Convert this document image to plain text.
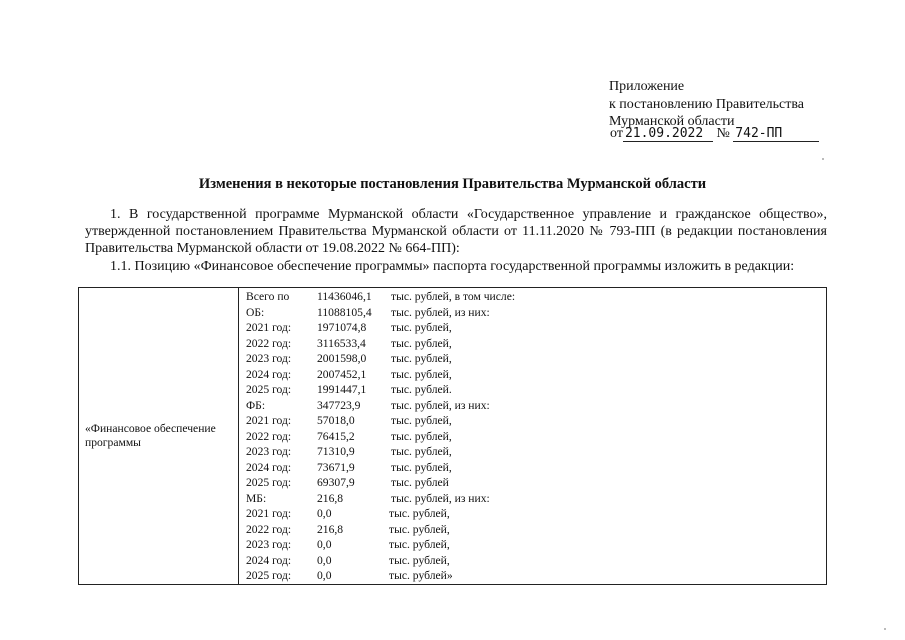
Приложение
к постановлению Правительства
Мурманской области
от 21.09.2022 № 742-ПП
Изменения в некоторые постановления Правительства Мурманской области
1. В государственной программе Мурманской области «Государственное управление и гражданское общество», утвержденной постановлением Правительства Мурманской области от 11.11.2020 № 793-ПП (в редакции постановления Правительства Мурманской области от 19.08.2022 № 664-ПП):
1.1. Позицию «Финансовое обеспечение программы» паспорта государственной программы изложить в редакции:
«Финансовое обеспечение программы	
Всего по 11436046,1 тыс. рублей, в том числе:
ОБ:	11088105,4 тыс. рублей, из них:
2021 год: 1971074,8 тыс. рублей,
2022 год: 3116533,4 тыс. рублей,
2023 год: 2001598,0 тыс. рублей,
2024 год: 2007452,1 тыс. рублей,
2025 год: 1991447,1 тыс. рублей.
ФБ:	347723,9	тыс. рублей, из них:
2021 год: 57018,0	тыс. рублей,
2022 год: 76415,2	тыс. рублей,
2023 год: 71310,9	тыс. рублей,
2024 год: 73671,9	тыс. рублей,
2025 год: 69307,9	тыс. рублей
МБ:	216,8	тыс. рублей, из них:
2021 год: 0,0	тыс. рублей,
2022 год: 216,8	тыс. рублей,
2023 год: 0,0	тыс. рублей,
2024 год: 0,0	тыс. рублей,
2025 год: 0,0	тыс. рублей»
